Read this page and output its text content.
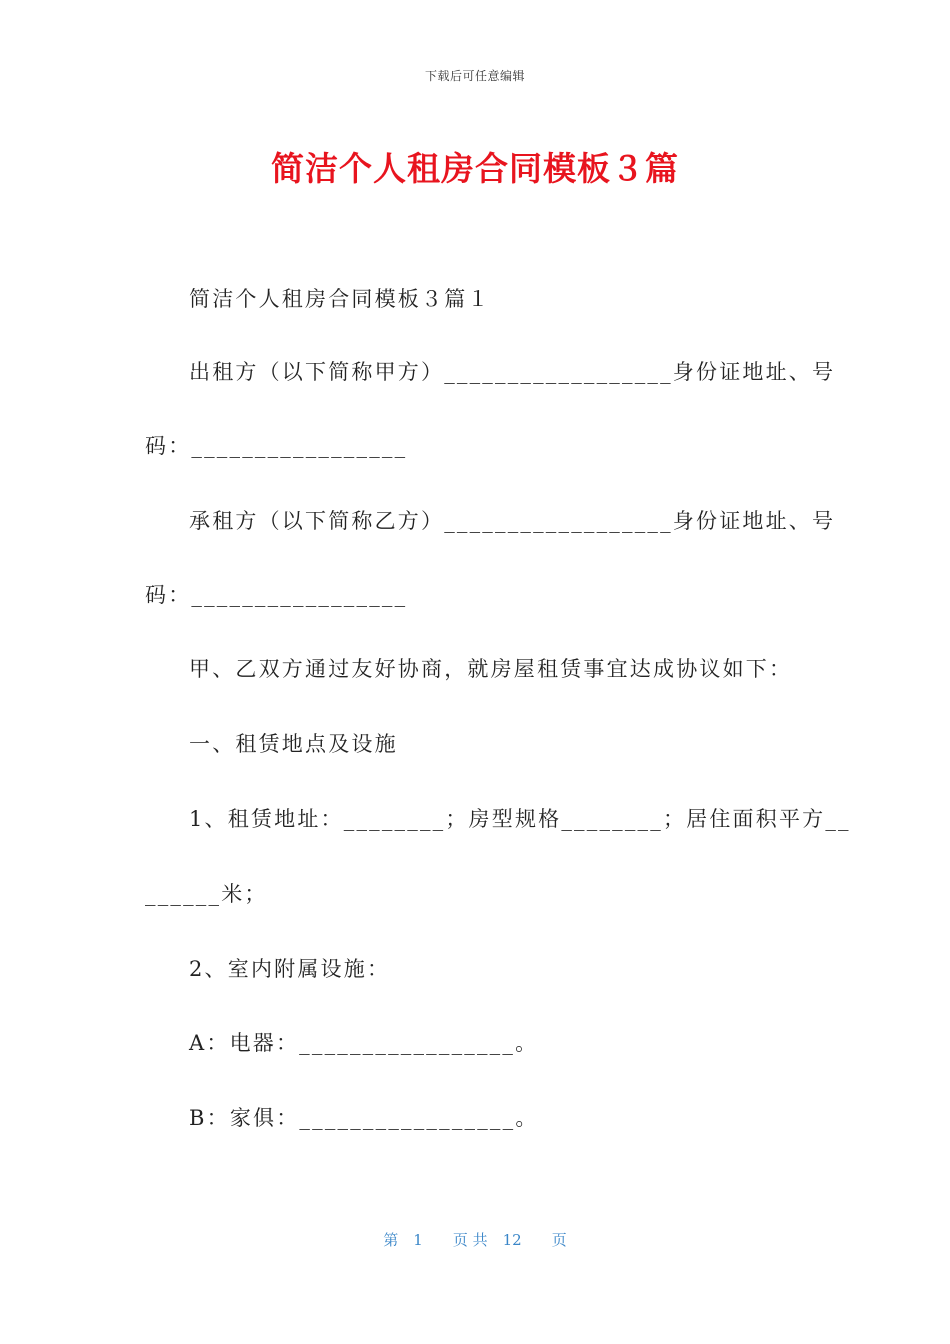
下载后可任意编辑
简洁个人租房合同模板３篇
简洁个人租房合同模板３篇１
出租方（以下简称甲方）__________________身份证地址、号
码：_________________
承租方（以下简称乙方）__________________身份证地址、号
码：_________________
甲、乙双方通过友好协商，就房屋租赁事宜达成协议如下：
一、租赁地点及设施
1、租赁地址：________；房型规格________；居住面积平方__
______米；
2、室内附属设施：
A：电器：_________________。
B：家俱：_________________。
第　1　　页 共　12　　页
